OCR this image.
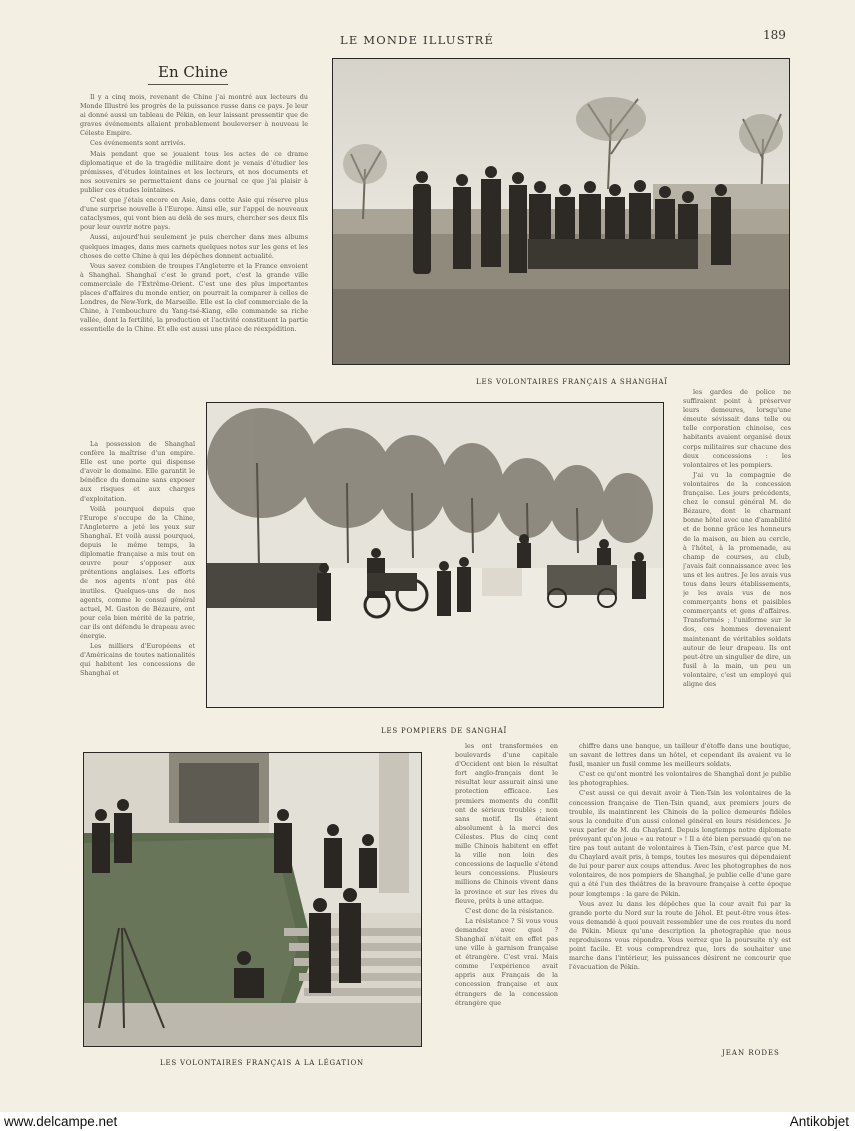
LE MONDE ILLUSTRÉ	189
En Chine

Il y a cinq mois, revenant de Chine j'ai montré aux lecteurs du Monde Illustré les progrès de la puissance russe dans ce pays. Je leur ai donné aussi un tableau de Pékin, en leur laissant pressentir que de graves événements allaient probablement bouleverser à nouveau le Céleste Empire.

Ces événements sont arrivés.

Mais pendant que se jouaient tous les actes de ce drame diplomatique et de la tragédie militaire dont je venais d'étudier les prémisses, d'études lointaines et les lecteurs, et nos documents et nos souvenirs se permettaient dans ce journal ce que j'ai plaisir à publier ces études lointaines.

C'est que j'étais encore en Asie, dans cette Asie qui réserve plus d'une surprise nouvelle à l'Europe. Ainsi elle, sur l'appel de nouveaux cataclysmes, qui vont bien au delà de ses murs, chercher ses deux fils pour leur ouvrir notre pays.

Aussi, aujourd'hui seulement je puis chercher dans mes albums quelques images, dans mes carnets quelques notes sur les gens et les choses de cette Chine à qui les dépêches donnent actualité.

Vous savez combien de troupes l'Angleterre et la France envoient à Shanghaï. Shanghaï c'est le grand port, c'est la grande ville commerciale de l'Extrême-Orient. C'est une des plus importantes places d'affaires du monde entier, on pourrait la comparer à celles de Londres, de New-York, de Marseille. Elle est la clef commerciale de la Chine, à l'embouchure du Yang-tsé-Kiang, elle commande sa riche vallée, dont la fertilité, la production et l'activité constituent la partie essentielle de la Chine. Et elle est aussi une place de réexpédition.

La possession de Shanghaï confère la maîtrise d'un empire. Elle est une porte qui dispense d'avoir le domaine. Elle garantit le bénéfice du domaine sans exposer aux risques et aux charges d'exploitation.

Voilà pourquoi depuis que l'Europe s'occupe de la Chine, l'Angleterre a jeté les yeux sur Shanghaï. Et voilà aussi pourquoi, depuis le même temps, la diplomatie française a mis tout en œuvre pour s'opposer aux prétentions anglaises. Les efforts de nos agents n'ont pas été inutiles. Quelques-uns de nos agents, comme le consul général actuel, M. Gaston de Bézaure, ont pour cela bien mérité de la patrie, car ils ont défendu le drapeau avec énergie.

Les milliers d'Européens et d'Américains de toutes nationalités qui habitent les concessions de Shanghaï et

les gardes de police ne suffiraient point à préserver leurs demeures, lorsqu'une émeute sévissait dans telle ou telle corporation chinoise, ces habitants avaient organisé deux corps militaires sur chacune des deux concessions : les volontaires et les pompiers.

J'ai vu la compagnie de volontaires de la concession française. Les jours précédents, chez le consul général M. de Bézaure, dont le charmant bonne hôtel avec une d'amabilité et de bonne grâce les honneurs de la maison, au bien au cercle, à l'hôtel, à la promenade, au champ de courses, au club, j'avais fait connaissance avec les uns et les autres. Je les avais vus tous dans leurs établissements, je les avais vus de nos commerçants bons et paisibles commerçants et gens d'affaires. Transformés ; l'uniforme sur le dos, ces hommes devenaient maintenant de véritables soldats autour de leur drapeau. Ils ont peut-être un singulier de dire, un fusil à la main, un peu un volontaire, c'est un employé qui aligne des

les ont transformées en boulevards d'une capitale d'Occident ont bien le résultat fort anglo-français dont le résultat leur assurait ainsi une protection efficace. Les premiers moments du conflit ont de sérieux troublés ; non sans motif. Ils étaient absolument à la merci des Célestes. Plus de cinq cent mille Chinois habitent en effet la ville non loin des concessions de laquelle s'étend leurs concessions. Plusieurs millions de Chinois vivent dans la province et sur les rives du fleuve, prêts à une attaque.

C'est donc de la résistance.

La résistance ? Si vous vous demandez avec quoi ? Shanghaï n'était en effet pas une ville à garnison française et étrangère. C'est vrai. Mais comme l'expérience avait appris aux Français de la concession française et aux étrangers de la concession étrangère que

chiffre dans une banque, un tailleur d'étoffe dans une boutique, un savant de lettres dans un hôtel, et cependant ils avaient vu le fusil, manier un fusil comme les meilleurs soldats.

C'est ce qu'ont montré les volontaires de Shanghaï dont je publie les photographies.

C'est aussi ce qui devait avoir à Tien-Tsin les volontaires de la concession française de Tien-Tsin quand, aux premiers jours de trouble, ils maintinrent les Chinois de la police demeurés fidèles sous la conduite d'un aussi colonel général en leurs résidences. Je veux parler de M. du Chaylard. Depuis longtemps notre diplomate prévoyant qu'on joue « au retour » ! Il a été bien persuadé qu'on ne tire pas tout autant de volontaires à Tien-Tsin, c'est parce que M. du Chaylard avait pris, à temps, toutes les mesures qui dépendaient de lui pour parer aux coups attendus. Avec les photographes de nos volontaires, de nos pompiers de Shanghaï, je publie celle d'une gare qui a été l'un des théâtres de la bravoure française à cette époque pour longtemps : la gare de Pékin.

Vous avez lu dans les dépêches que la cour avait fui par la grande porte du Nord sur la route de Jéhol. Et peut-être vous êtes-vous demandé à quoi pouvait ressembler une de ces routes du nord de Pékin. Mieux qu'une description la photographie que nous reproduisons vous répondra. Vous verrez que la poursuite n'y est point facile. Et vous comprendrez que, lors de souhaiter une marche dans l'intérieur, les puissances désirent ne concourir que l'évacuation de Pékin.

JEAN RODES
LES VOLONTAIRES FRANÇAIS A SHANGHAÏ
LES POMPIERS DE SANGHAÏ
LES VOLONTAIRES FRANÇAIS A LA LÉGATION
www.delcampe.net	Antikobjet
